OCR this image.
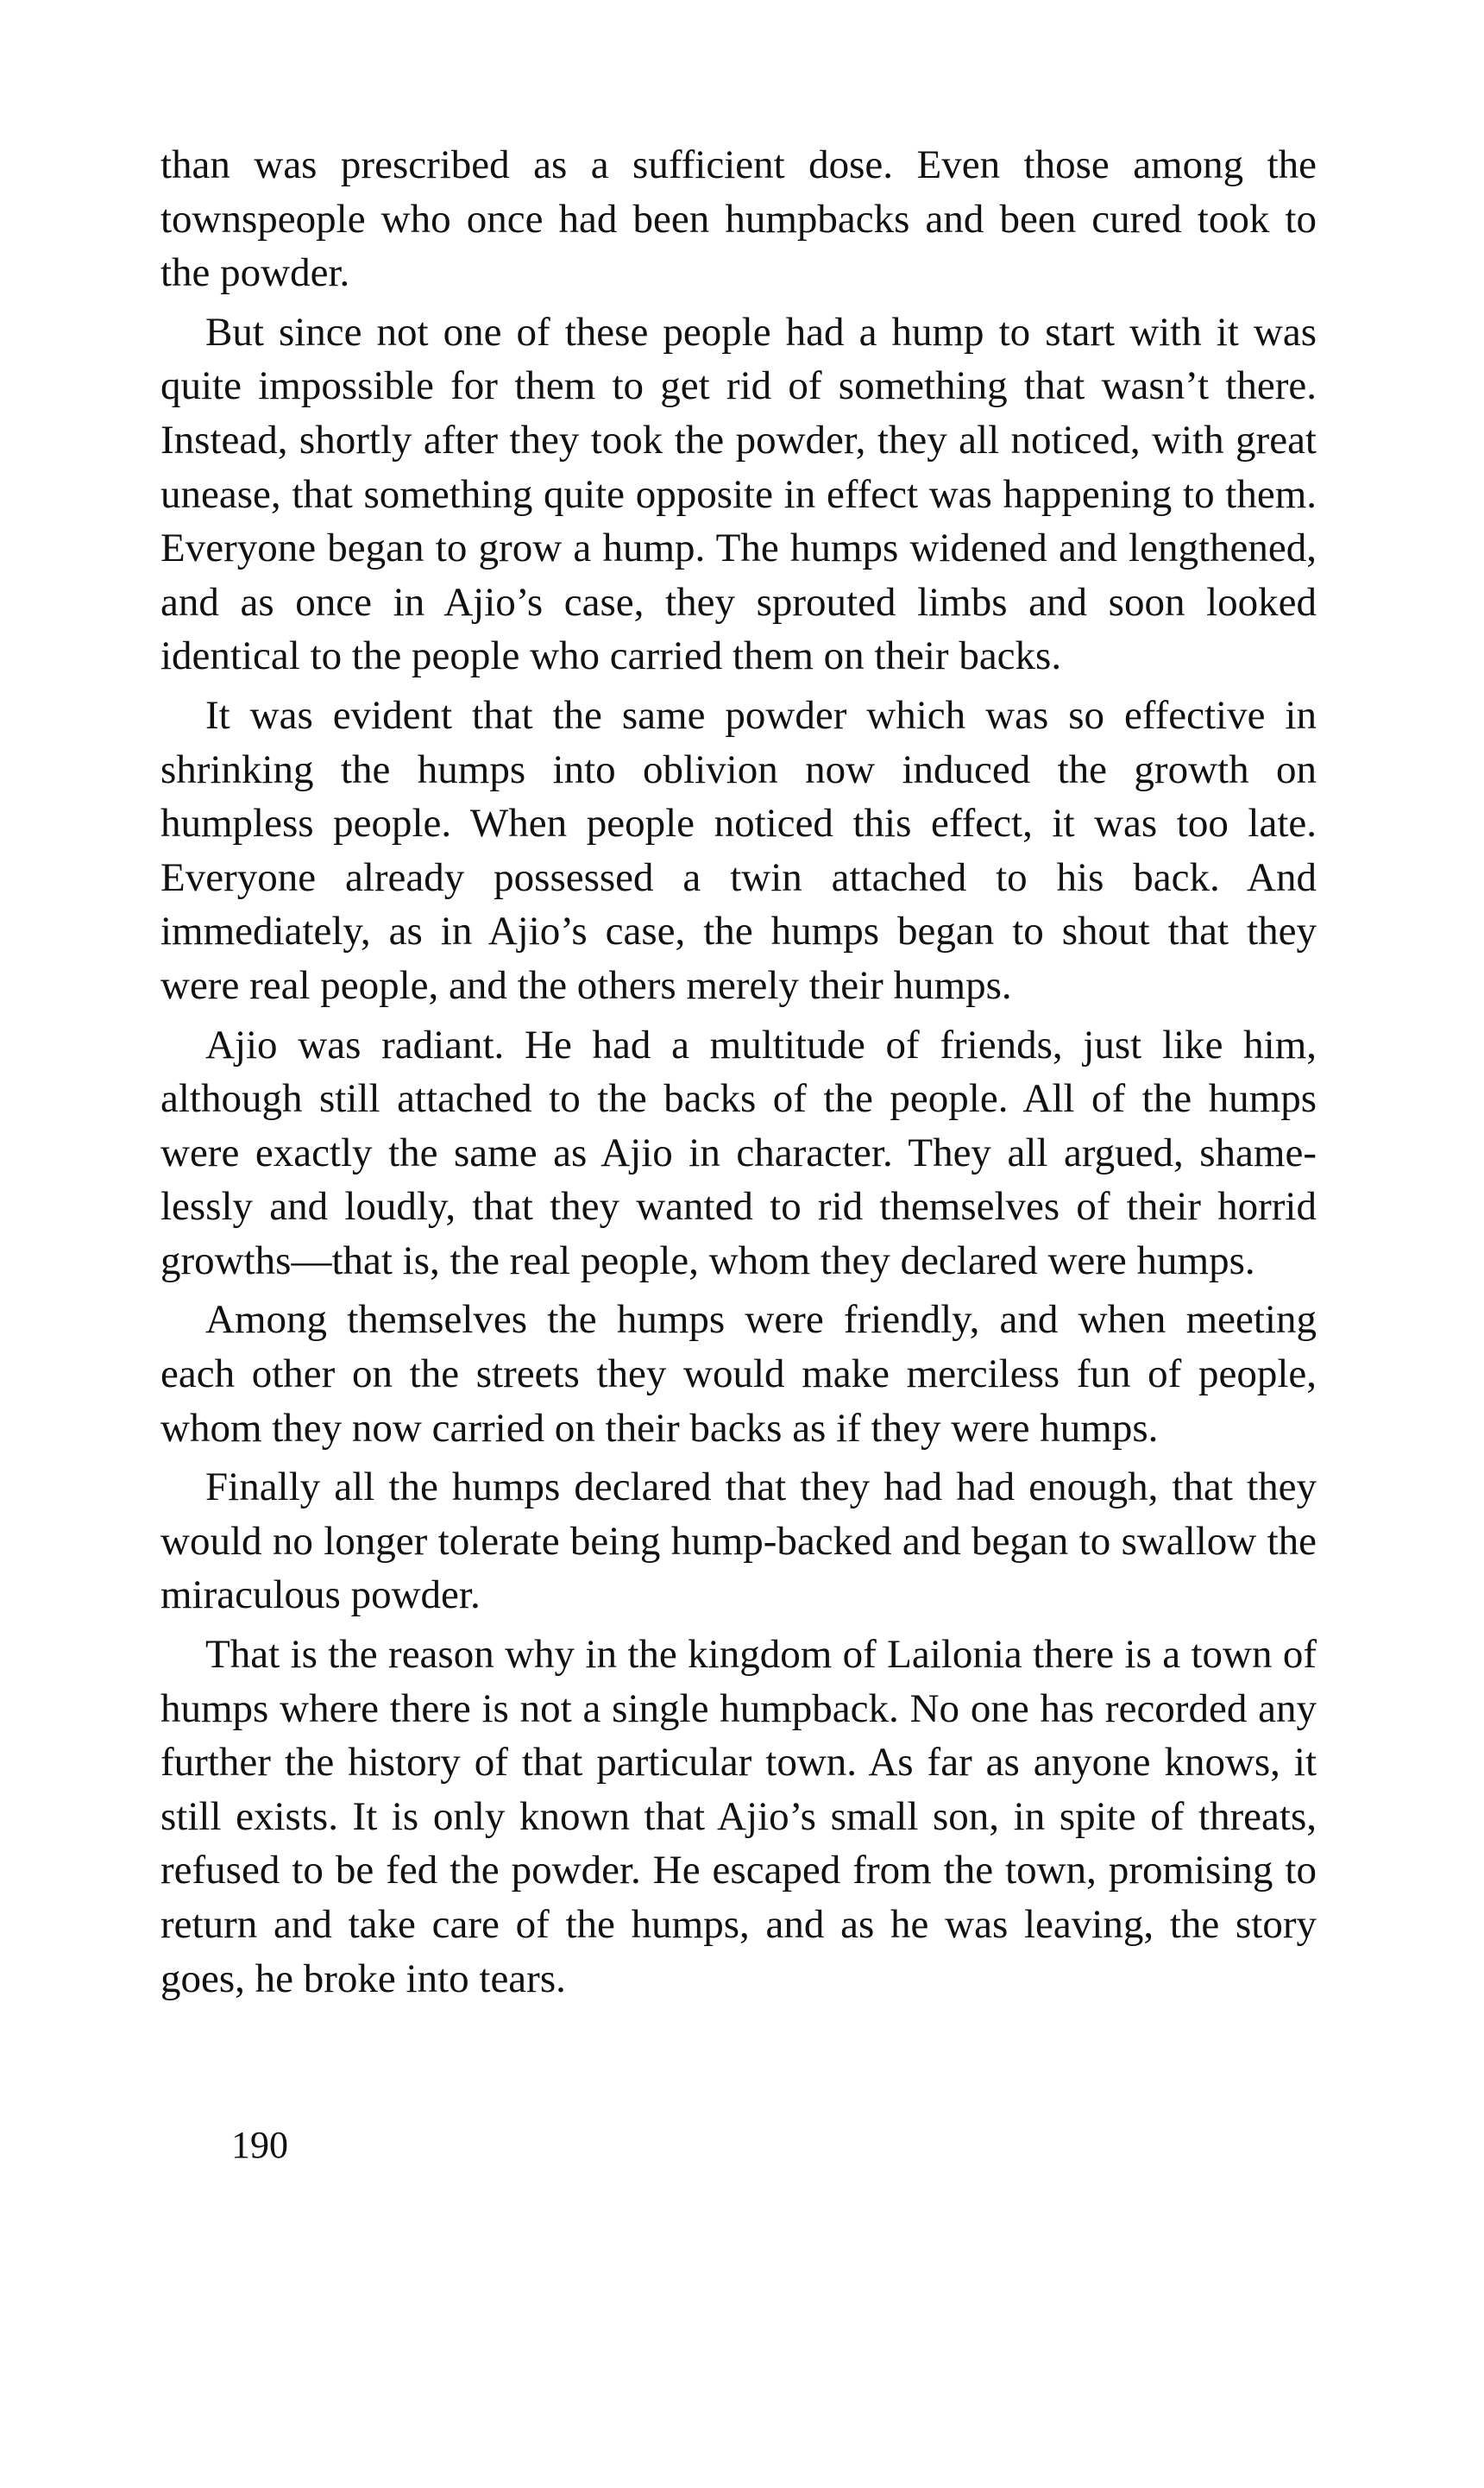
than was prescribed as a sufficient dose. Even those among the townspeople who once had been humpbacks and been cured took to the powder.

But since not one of these people had a hump to start with it was quite impossible for them to get rid of something that wasn’t there. Instead, shortly after they took the powder, they all noticed, with great unease, that something quite opposite in effect was happening to them. Everyone began to grow a hump. The humps widened and lengthened, and as once in Ajio’s case, they sprouted limbs and soon looked identical to the people who carried them on their backs.

It was evident that the same powder which was so effective in shrinking the humps into oblivion now induced the growth on humpless people. When people noticed this effect, it was too late. Everyone already possessed a twin attached to his back. And immediately, as in Ajio’s case, the humps began to shout that they were real people, and the others merely their humps.

Ajio was radiant. He had a multitude of friends, just like him, although still attached to the backs of the people. All of the humps were exactly the same as Ajio in character. They all argued, shamelessly and loudly, that they wanted to rid themselves of their horrid growths—that is, the real people, whom they declared were humps.

Among themselves the humps were friendly, and when meeting each other on the streets they would make merciless fun of people, whom they now carried on their backs as if they were humps.

Finally all the humps declared that they had had enough, that they would no longer tolerate being hump-backed and began to swallow the miraculous powder.

That is the reason why in the kingdom of Lailonia there is a town of humps where there is not a single humpback. No one has recorded any further the history of that particular town. As far as anyone knows, it still exists. It is only known that Ajio’s small son, in spite of threats, refused to be fed the powder. He escaped from the town, promising to return and take care of the humps, and as he was leaving, the story goes, he broke into tears.

190
